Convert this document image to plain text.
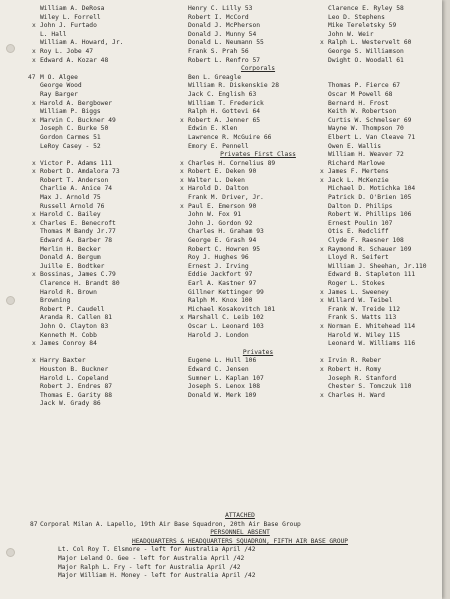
William A. DeRosa
Wiley L. Forrell
x John J. Furtado
L. Hall
William A. Howard, Jr.
x Roy L. Jobe 47
x Edward A. Kozar 48
47 M O. Algee
George Wood
Ray Barger
x Harold A. Bergbower
William P. Biggs
x Marvin C. Buckner 49
Joseph C. Burke 50
Gordon Carmes 51
LeRoy Casey - 52
x Victor P. Adams 111
x Robert D. Amdalora 73
Robert T. Anderson
Charlie A. Anice 74
Max J. Arnold 75
Russell Arnold 76
x Harold C. Bailey
x Charles E. Benecroft
Thomas M Bandy Jr.77
Edward A. Barber 78
Merlin H. Becker
Donald A. Bergum
Juille E. Bodtker
x Bossinas, James C.79
Clarence H. Brandt 80
Harold R. Brown
Browning
Robert P. Caudell
Aranda R. Callen 81
John O. Clayton 83
Kenneth M. Cobb
x James Conroy 84
x Harry Baxter
Houston B. Buckner
Harold L. Copeland
Robert J. Endres 87
Thomas E. Garity 88
Jack W. Grady 86
Henry C. Lilly 53
Robert I. McCord
Donald J. McPherson
Donald J. Munny 54
Donald L. Neumann 55
Frank S. Prah 56
Robert L. Renfro 57
Corporals
Ben L. Greagle
William R. Diskenskie 28
Jack C. English 63
William T. Frederick
Ralph H. Gottevi 64
x Robert A. Jenner 65
Edwin E. Klen
Lawrence R. McGuire 66
Emory E. Pennell
Privates First Class
x Charles H. Cornelius 89
x Robert E. Deken 90
x Walter L. Deken
x Harold D. Dalton
Frank M. Driver, Jr.
x Paul E. Emerson 90
John W. Fox 91
John J. Gordon 92
Charles H. Graham 93
George E. Grash 94
Robert C. Howren 95
Roy J. Hughes 96
Ernest J. Irving
Eddie Jackfort 97
Earl A. Kastner 97
Gillner Kettinger 99
Ralph M. Knox 100
Michael Kosakovitch 101
x Marshall C. Leib 102
Oscar L. Leonard 103
Harold J. London
Privates
Eugene L. Hull 106
Edward C. Jensen
Sumner L. Kaplan 107
Joseph S. Lenox 108
Donald W. Merk 109
Clarence E. Ryley 58
Leo D. Stephens
Mike Tereletsky 59
John W. Weir
x Ralph L. Westervelt 60
George S. Williamson
Dwight O. Woodall 61
Thomas P. Fierce 67
Oscar M Powell 68
Bernard H. Frost
Keith W. Robertson
Curtis W. Schmelser 69
Wayne W. Thompson 70
Elbert L. Van Cleave 71
Owen E. Wallis
William H. Weaver 72
Richard Marlowe
x James F. Mertens
x Jack L. McKenzie
Michael D. Motichka 104
Patrick D. O'Brien 105
Dalton D. Philips
Robert W. Phillips 106
Ernest Poulin 107
Otis E. Redcliff
Clyde F. Raesner 108
x Raymond R. Schauer 109
Lloyd R. Seifert
William J. Sheehan, Jr.110
Edward B. Stapleton 111
Roger L. Stokes
x James L. Sweeney
x Willard W. Teibel
Frank W. Treide 112
Frank S. Watts 113
x Norman E. Whitehead 114
Harold W. Wiley 115
Leonard W. Williams 116
x Irvin R. Reber
x Robert H. Romy
Joseph R. Stanford
Chester S. Tomczuk 110
x Charles H. Ward
ATTACHED
87 Corporal Milan A. Lapello, 19th Air Base Squadron, 20th Air Base Group
PERSONNEL ABSENT
HEADQUARTERS & HEADQUARTERS SQUADRON, FIFTH AIR BASE GROUP
Lt. Col Roy T. Elsmore - left for Australia April /42
Major Leland O. Gee - left for Australia April /42
Major Ralph L. Fry - left for Australia April /42
Major William H. Money - left for Australia April /42
